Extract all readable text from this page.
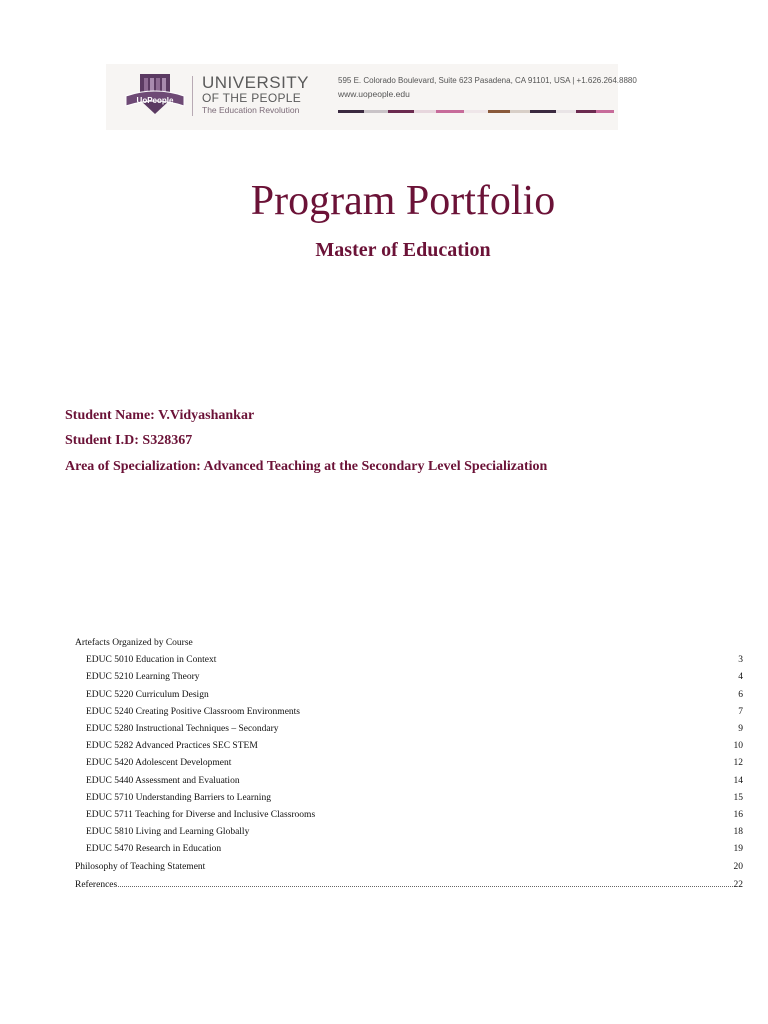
UoPeople
UNIVERSITY
OF THE PEOPLE
The Education Revolution
595 E. Colorado Boulevard, Suite 623 Pasadena, CA 91101, USA | +1.626.264.8880
www.uopeople.edu
Program Portfolio
Master of Education
Student Name: V.Vidyashankar
Student I.D: S328367
Area of Specialization: Advanced Teaching at the Secondary Level Specialization
Artefacts Organized by Course
EDUC 5010 Education in Context	3
EDUC 5210 Learning Theory	4
EDUC 5220 Curriculum Design	6
EDUC 5240 Creating Positive Classroom Environments	7
EDUC 5280 Instructional Techniques – Secondary	9
EDUC 5282 Advanced Practices SEC STEM	10
EDUC 5420 Adolescent Development	12
EDUC 5440 Assessment and Evaluation	14
EDUC 5710 Understanding Barriers to Learning	15
EDUC 5711 Teaching for Diverse and Inclusive Classrooms	16
EDUC 5810 Living and Learning Globally	18
EDUC 5470 Research in Education	19
Philosophy of Teaching Statement	20
References	22
